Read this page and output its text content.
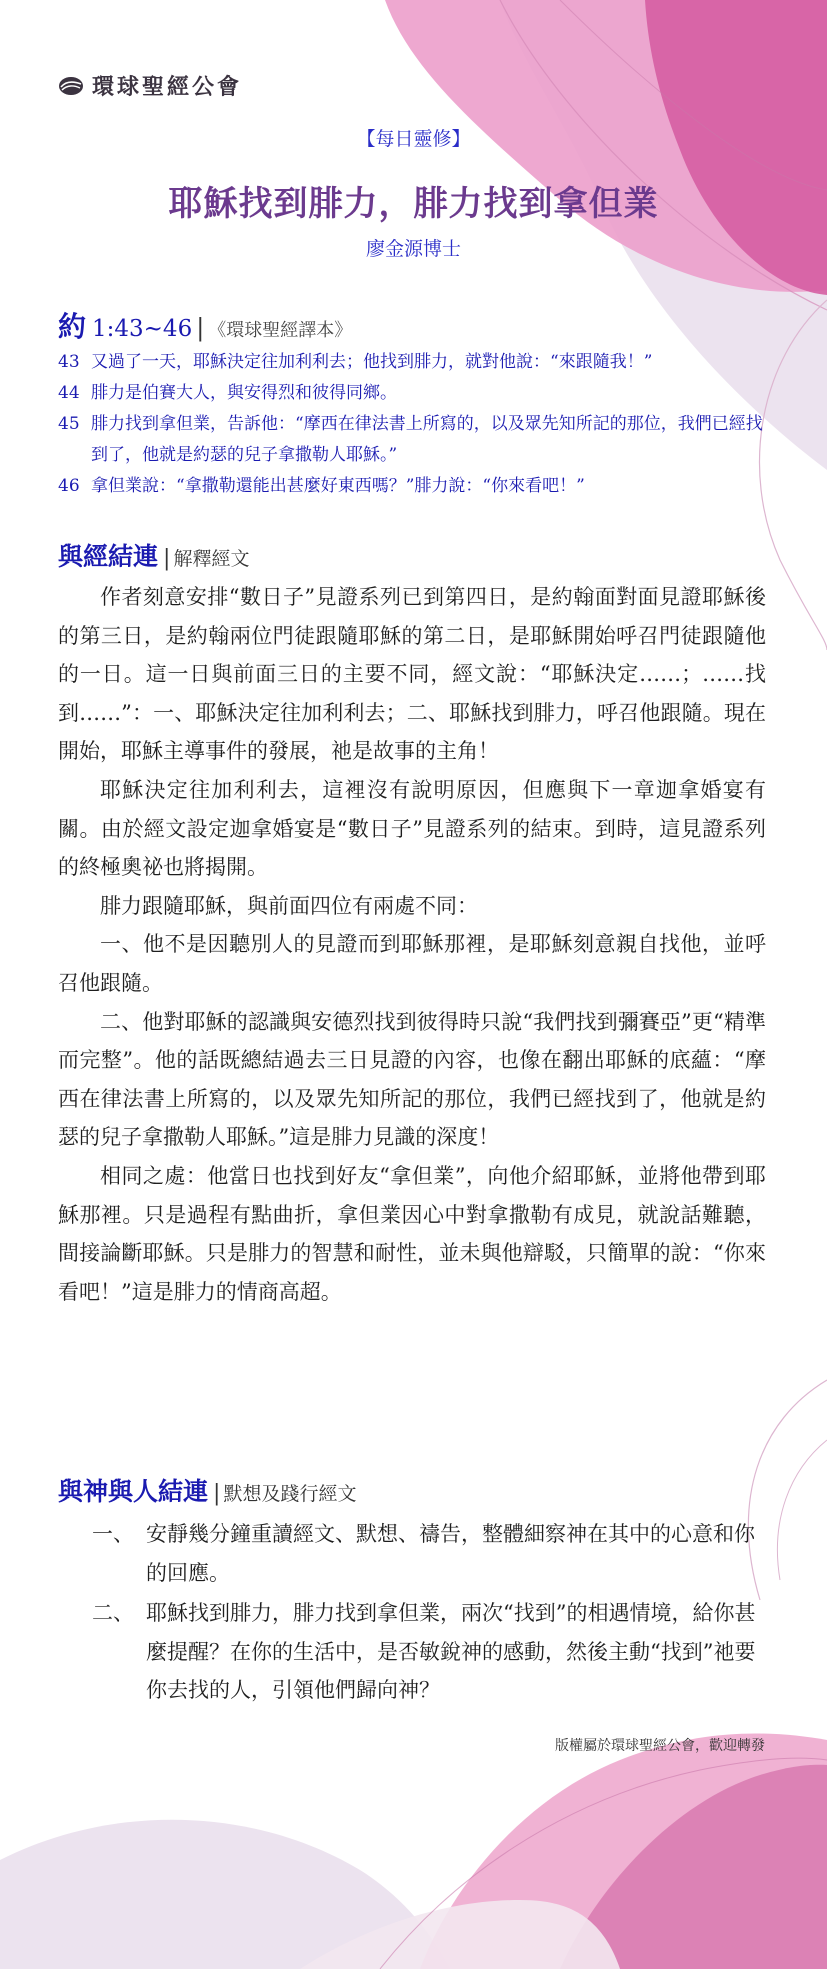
環球聖經公會
【每日靈修】
耶穌找到腓力，腓力找到拿但業
廖金源博士
約 1:43~46 | 《環球聖經譯本》
43 又過了一天，耶穌決定往加利利去；他找到腓力，就對他說：“來跟隨我！”
44 腓力是伯賽大人，與安得烈和彼得同鄉。
45 腓力找到拿但業，告訴他：“摩西在律法書上所寫的，以及眾先知所記的那位，我們已經找到了，他就是約瑟的兒子拿撒勒人耶穌。”
46 拿但業說：“拿撒勒還能出甚麼好東西嗎？”腓力說：“你來看吧！”
與經結連 | 解釋經文

作者刻意安排“數日子”見證系列已到第四日，是約翰面對面見證耶穌後的第三日，是約翰兩位門徒跟隨耶穌的第二日，是耶穌開始呼召門徒跟隨他的一日。這一日與前面三日的主要不同，經文說：“耶穌決定……；……找到……”：一、耶穌決定往加利利去；二、耶穌找到腓力，呼召他跟隨。現在開始，耶穌主導事件的發展，祂是故事的主角！

耶穌決定往加利利去，這裡沒有說明原因，但應與下一章迦拿婚宴有關。由於經文設定迦拿婚宴是“數日子”見證系列的結束。到時，這見證系列的終極奧祕也將揭開。

腓力跟隨耶穌，與前面四位有兩處不同：

一、他不是因聽別人的見證而到耶穌那裡，是耶穌刻意親自找他，並呼召他跟隨。

二、他對耶穌的認識與安德烈找到彼得時只說“我們找到彌賽亞”更“精準而完整”。他的話既總結過去三日見證的內容，也像在翻出耶穌的底蘊：“摩西在律法書上所寫的，以及眾先知所記的那位，我們已經找到了，他就是約瑟的兒子拿撒勒人耶穌。”這是腓力見識的深度！

相同之處：他當日也找到好友“拿但業”，向他介紹耶穌，並將他帶到耶穌那裡。只是過程有點曲折，拿但業因心中對拿撒勒有成見，就說話難聽，間接論斷耶穌。只是腓力的智慧和耐性，並未與他辯駁，只簡單的說：“你來看吧！”這是腓力的情商高超。

與神與人結連 | 默想及踐行經文
一、 安靜幾分鐘重讀經文、默想、禱告，整體細察神在其中的心意和你的回應。
二、 耶穌找到腓力，腓力找到拿但業，兩次“找到”的相遇情境，給你甚麼提醒？在你的生活中，是否敏銳神的感動，然後主動“找到”祂要你去找的人，引領他們歸向神？
版權屬於環球聖經公會，歡迎轉發
